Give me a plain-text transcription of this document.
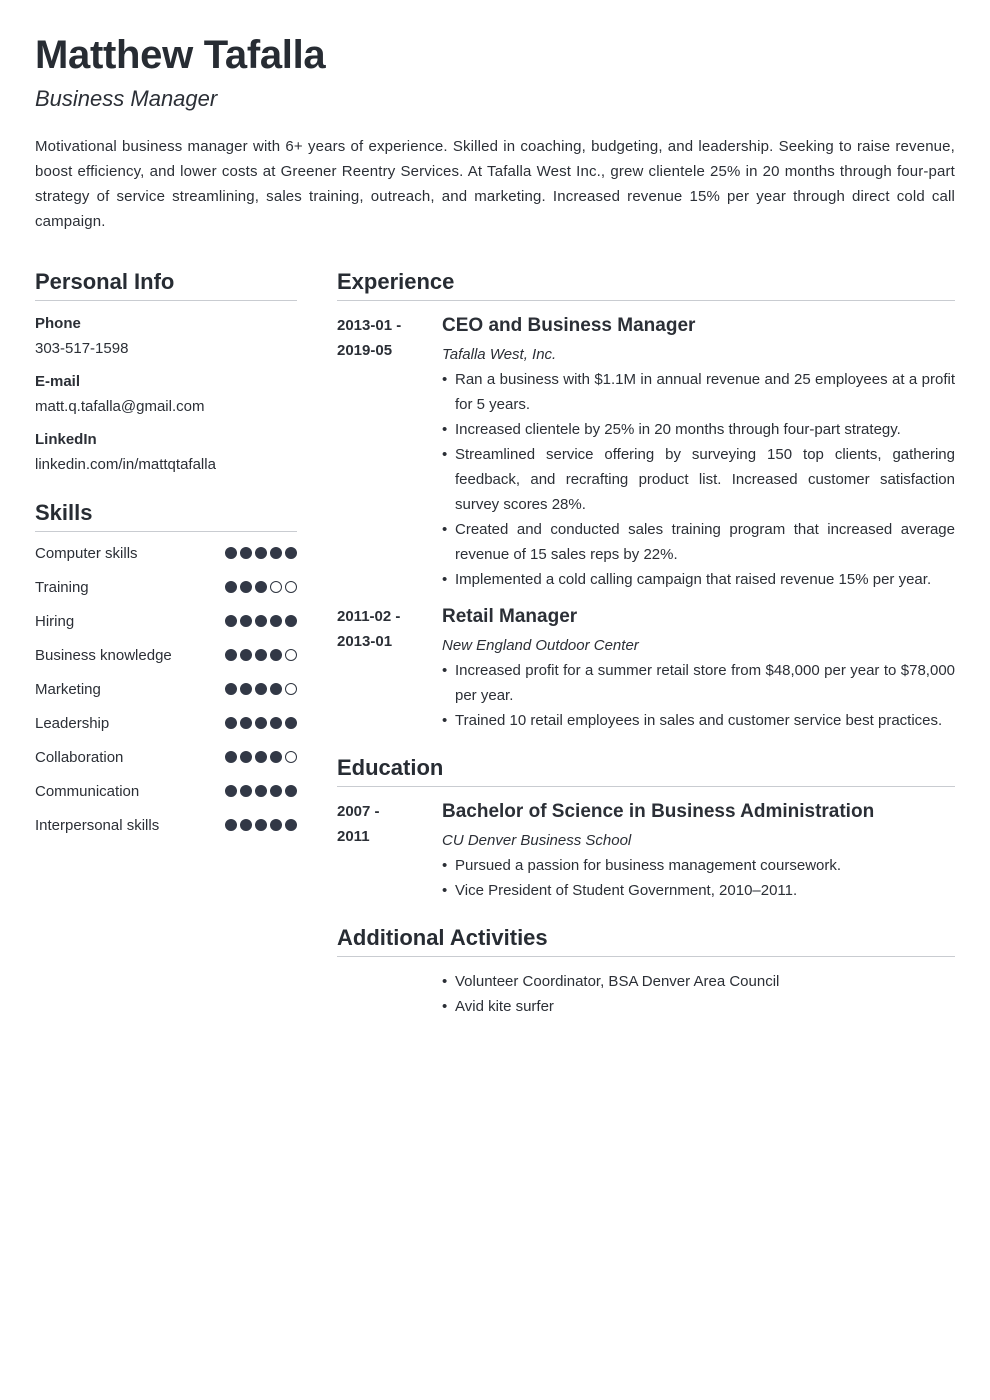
Matthew Tafalla
Business Manager
Motivational business manager with 6+ years of experience. Skilled in coaching, budgeting, and leadership. Seeking to raise revenue, boost efficiency, and lower costs at Greener Reentry Services. At Tafalla West Inc., grew clientele 25% in 20 months through four-part strategy of service streamlining, sales training, outreach, and marketing. Increased revenue 15% per year through direct cold call campaign.
Personal Info
Phone
303-517-1598
E-mail
matt.q.tafalla@gmail.com
LinkedIn
linkedin.com/in/mattqtafalla
Skills
Computer skills
Training
Hiring
Business knowledge
Marketing
Leadership
Collaboration
Communication
Interpersonal skills
Experience
2013-01 -
2019-05
CEO and Business Manager
Tafalla West, Inc.
• Ran a business with $1.1M in annual revenue and 25 employees at a profit for 5 years.
• Increased clientele by 25% in 20 months through four-part strategy.
• Streamlined service offering by surveying 150 top clients, gathering feedback, and recrafting product list. Increased customer satisfaction survey scores 28%.
• Created and conducted sales training program that increased average revenue of 15 sales reps by 22%.
• Implemented a cold calling campaign that raised revenue 15% per year.
2011-02 -
2013-01
Retail Manager
New England Outdoor Center
• Increased profit for a summer retail store from $48,000 per year to $78,000 per year.
• Trained 10 retail employees in sales and customer service best practices.
Education
2007 -
2011
Bachelor of Science in Business Administration
CU Denver Business School
• Pursued a passion for business management coursework.
• Vice President of Student Government, 2010–2011.
Additional Activities
• Volunteer Coordinator, BSA Denver Area Council
• Avid kite surfer
